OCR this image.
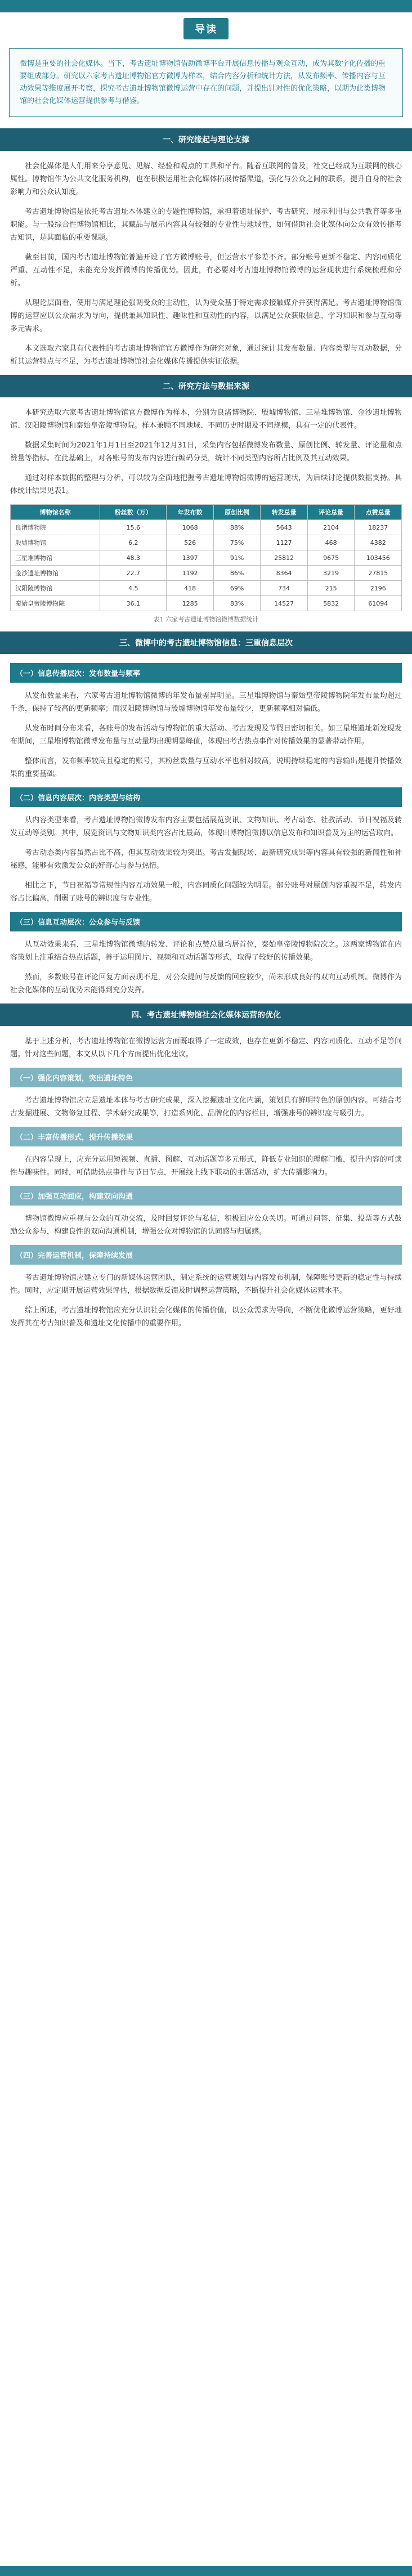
导读
微博是重要的社会化媒体。当下，考古遗址博物馆借助微博平台开展信息传播与观众互动，成为其数字化传播的重要组成部分。研究以六家考古遗址博物馆官方微博为样本，结合内容分析和统计方法，从发布频率、传播内容与互动效果等维度展开考察，探究考古遗址博物馆微博运营中存在的问题，并提出针对性的优化策略，以期为此类博物馆的社会化媒体运营提供参考与借鉴。
一、研究缘起与理论支撑

社会化媒体是人们用来分享意见、见解、经验和观点的工具和平台。随着互联网的普及，社交已经成为互联网的核心属性。博物馆作为公共文化服务机构，也在积极运用社会化媒体拓展传播渠道，强化与公众之间的联系，提升自身的社会影响力和公众认知度。

考古遗址博物馆是依托考古遗址本体建立的专题性博物馆，承担着遗址保护、考古研究、展示利用与公共教育等多重职能。与一般综合性博物馆相比，其藏品与展示内容具有较强的专业性与地域性，如何借助社会化媒体向公众有效传播考古知识，是其面临的重要课题。

截至目前，国内考古遗址博物馆普遍开设了官方微博账号，但运营水平参差不齐。部分账号更新不稳定、内容同质化严重、互动性不足，未能充分发挥微博的传播优势。因此，有必要对考古遗址博物馆微博的运营现状进行系统梳理和分析。

从理论层面看，使用与满足理论强调受众的主动性，认为受众基于特定需求接触媒介并获得满足。考古遗址博物馆微博的运营应以公众需求为导向，提供兼具知识性、趣味性和互动性的内容，以满足公众获取信息、学习知识和参与互动等多元需求。

本文选取六家具有代表性的考古遗址博物馆官方微博作为研究对象，通过统计其发布数量、内容类型与互动数据，分析其运营特点与不足，为考古遗址博物馆社会化媒体传播提供实证依据。

二、研究方法与数据来源

本研究选取六家考古遗址博物馆官方微博作为样本，分别为良渚博物院、殷墟博物馆、三星堆博物馆、金沙遗址博物馆、汉阳陵博物馆和秦始皇帝陵博物院。样本兼顾不同地域、不同历史时期及不同规模，具有一定的代表性。

数据采集时间为2021年1月1日至2021年12月31日，采集内容包括微博发布数量、原创比例、转发量、评论量和点赞量等指标。在此基础上，对各账号的发布内容进行编码分类，统计不同类型内容所占比例及其互动效果。

通过对样本数据的整理与分析，可以较为全面地把握考古遗址博物馆微博的运营现状，为后续讨论提供数据支持。具体统计结果见表1。

博物馆名称	粉丝数（万）	年发布数	原创比例	转发总量	评论总量	点赞总量
良渚博物院	15.6	1068	88%	5643	2104	18237
殷墟博物馆	6.2	526	75%	1127	468	4382
三星堆博物馆	48.3	1397	91%	25812	9675	103456
金沙遗址博物馆	22.7	1192	86%	8364	3219	27815
汉阳陵博物馆	4.5	418	69%	734	215	2196
秦始皇帝陵博物院	36.1	1285	83%	14527	5832	61094
表1 六家考古遗址博物馆微博数据统计
三、微博中的考古遗址博物馆信息：三重信息层次
（一）信息传播层次：发布数量与频率

从发布数量来看，六家考古遗址博物馆微博的年发布量差异明显。三星堆博物馆与秦始皇帝陵博物院年发布量均超过千条，保持了较高的更新频率；而汉阳陵博物馆与殷墟博物馆年发布量较少，更新频率相对偏低。

从发布时间分布来看，各账号的发布活动与博物馆的重大活动、考古发现及节假日密切相关。如三星堆遗址新发现发布期间，三星堆博物馆微博发布量与互动量均出现明显峰值，体现出考古热点事件对传播效果的显著带动作用。

整体而言，发布频率较高且稳定的账号，其粉丝数量与互动水平也相对较高，说明持续稳定的内容输出是提升传播效果的重要基础。

（二）信息内容层次：内容类型与结构

从内容类型来看，考古遗址博物馆微博发布内容主要包括展览资讯、文物知识、考古动态、社教活动、节日祝福及转发互动等类别。其中，展览资讯与文物知识类内容占比最高，体现出博物馆微博以信息发布和知识普及为主的运营取向。

考古动态类内容虽然占比不高，但其互动效果较为突出。考古发掘现场、最新研究成果等内容具有较强的新闻性和神秘感，能够有效激发公众的好奇心与参与热情。

相比之下，节日祝福等常规性内容互动效果一般，内容同质化问题较为明显。部分账号对原创内容重视不足，转发内容占比偏高，削弱了账号的辨识度与专业性。

（三）信息互动层次：公众参与与反馈

从互动效果来看，三星堆博物馆微博的转发、评论和点赞总量均居首位，秦始皇帝陵博物院次之。这两家博物馆在内容策划上注重结合热点话题，善于运用图片、视频和互动话题等形式，取得了较好的传播效果。

然而，多数账号在评论回复方面表现不足，对公众提问与反馈的回应较少，尚未形成良好的双向互动机制。微博作为社会化媒体的互动优势未能得到充分发挥。

四、考古遗址博物馆社会化媒体运营的优化

基于上述分析，考古遗址博物馆在微博运营方面既取得了一定成效，也存在更新不稳定、内容同质化、互动不足等问题。针对这些问题，本文从以下几个方面提出优化建议。

（一）强化内容策划，突出遗址特色

考古遗址博物馆应立足遗址本体与考古研究成果，深入挖掘遗址文化内涵，策划具有鲜明特色的原创内容。可结合考古发掘进展、文物修复过程、学术研究成果等，打造系列化、品牌化的内容栏目，增强账号的辨识度与吸引力。

（二）丰富传播形式，提升传播效果

在内容呈现上，应充分运用短视频、直播、图解、互动话题等多元形式，降低专业知识的理解门槛，提升内容的可读性与趣味性。同时，可借助热点事件与节日节点，开展线上线下联动的主题活动，扩大传播影响力。

（三）加强互动回应，构建双向沟通

博物馆微博应重视与公众的互动交流，及时回复评论与私信，积极回应公众关切。可通过问答、征集、投票等方式鼓励公众参与，构建良性的双向沟通机制，增强公众对博物馆的认同感与归属感。

（四）完善运营机制，保障持续发展

考古遗址博物馆应建立专门的新媒体运营团队，制定系统的运营规划与内容发布机制，保障账号更新的稳定性与持续性。同时，应定期开展运营效果评估，根据数据反馈及时调整运营策略，不断提升社会化媒体运营水平。

综上所述，考古遗址博物馆应充分认识社会化媒体的传播价值，以公众需求为导向，不断优化微博运营策略，更好地发挥其在考古知识普及和遗址文化传播中的重要作用。
